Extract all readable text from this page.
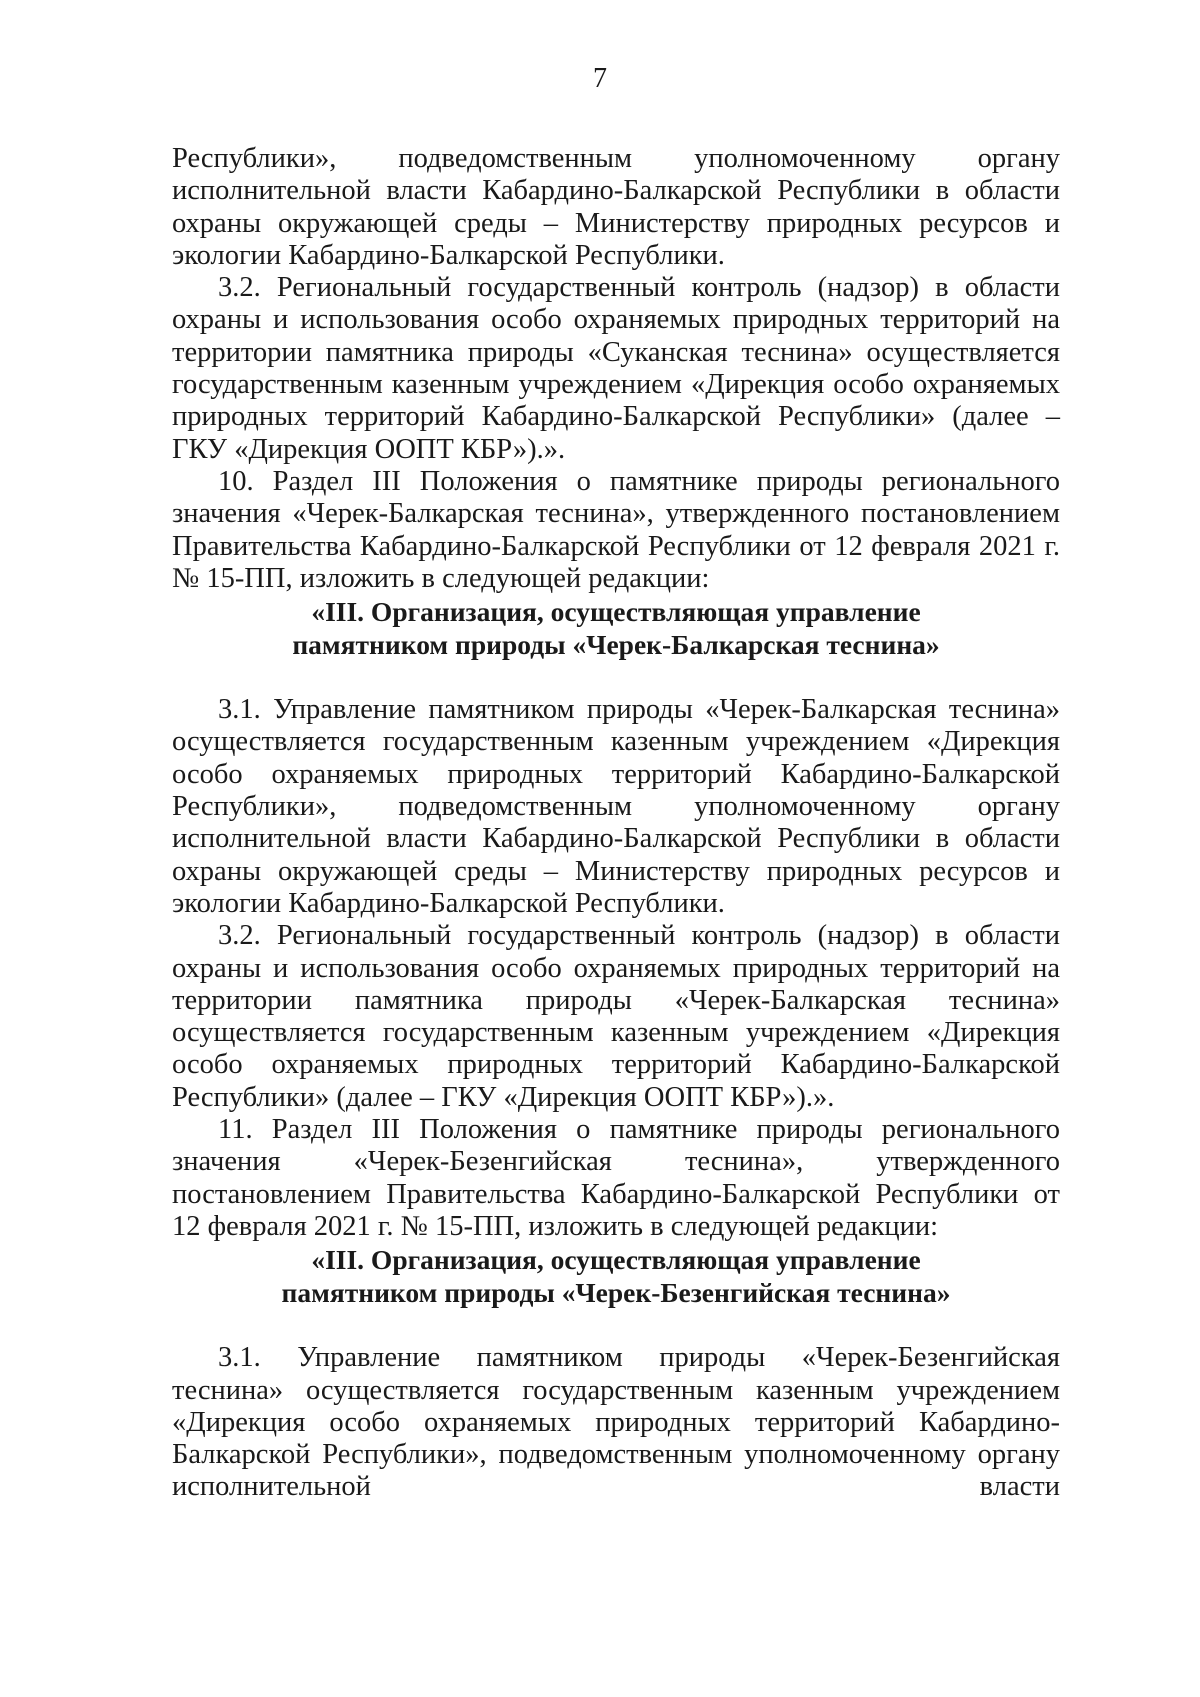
7

Республики», подведомственным уполномоченному органу исполнительной власти Кабардино-Балкарской Республики в области охраны окружающей среды – Министерству природных ресурсов и экологии Кабардино-Балкарской Республики.

3.2. Региональный государственный контроль (надзор) в области охраны и использования особо охраняемых природных территорий на территории памятника природы «Суканская теснина» осуществляется государственным казенным учреждением «Дирекция особо охраняемых природных территорий Кабардино-Балкарской Республики» (далее – ГКУ «Дирекция ООПТ КБР»).».

10. Раздел III Положения о памятнике природы регионального значения «Черек-Балкарская теснина», утвержденного постановлением Правительства Кабардино-Балкарской Республики от 12 февраля 2021 г. № 15-ПП, изложить в следующей редакции:

«III. Организация, осуществляющая управление

памятником природы «Черек-Балкарская теснина»

3.1. Управление памятником природы «Черек-Балкарская теснина» осуществляется государственным казенным учреждением «Дирекция особо охраняемых природных территорий Кабардино-Балкарской Республики», подведомственным уполномоченному органу исполнительной власти Кабардино-Балкарской Республики в области охраны окружающей среды – Министерству природных ресурсов и экологии Кабардино-Балкарской Республики.

3.2. Региональный государственный контроль (надзор) в области охраны и использования особо охраняемых природных территорий на территории памятника природы «Черек-Балкарская теснина» осуществляется государственным казенным учреждением «Дирекция особо охраняемых природных территорий Кабардино-Балкарской Республики» (далее – ГКУ «Дирекция ООПТ КБР»).».

11. Раздел III Положения о памятнике природы регионального значения «Черек-Безенгийская теснина», утвержденного постановлением Правительства Кабардино-Балкарской Республики от 12 февраля 2021 г. № 15-ПП, изложить в следующей редакции:

«III. Организация, осуществляющая управление

памятником природы «Черек-Безенгийская теснина»

3.1. Управление памятником природы «Черек-Безенгийская теснина» осуществляется государственным казенным учреждением «Дирекция особо охраняемых природных территорий Кабардино-Балкарской Республики», подведомственным уполномоченному органу исполнительной власти
